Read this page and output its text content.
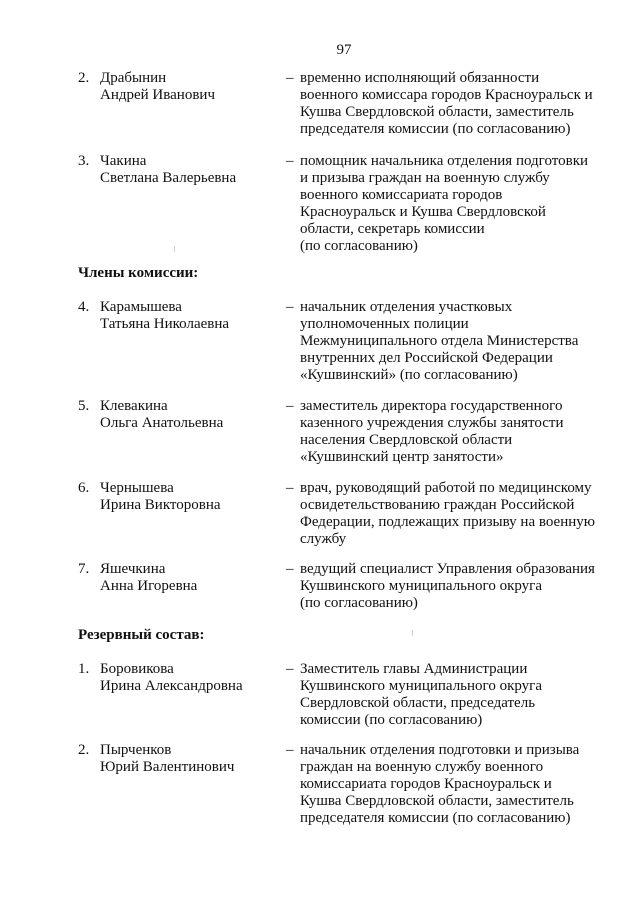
97
2. Драбынин
Андрей Иванович
– временно исполняющий обязанности
военного комиссара городов Красноуральск и
Кушва Свердловской области, заместитель
председателя комиссии (по согласованию)
3. Чакина
Светлана Валерьевна
– помощник начальника отделения подготовки
и призыва граждан на военную службу
военного комиссариата городов
Красноуральск и Кушва Свердловской
области, секретарь комиссии
(по согласованию)
Члены комиссии:
4. Карамышева
Татьяна Николаевна
– начальник отделения участковых
уполномоченных полиции
Межмуниципального отдела Министерства
внутренних дел Российской Федерации
«Кушвинский» (по согласованию)
5. Клевакина
Ольга Анатольевна
– заместитель директора государственного
казенного учреждения службы занятости
населения Свердловской области
«Кушвинский центр занятости»
6. Чернышева
Ирина Викторовна
– врач, руководящий работой по медицинскому
освидетельствованию граждан Российской
Федерации, подлежащих призыву на военную
службу
7. Яшечкина
Анна Игоревна
– ведущий специалист Управления образования
Кушвинского муниципального округа
(по согласованию)
Резервный состав:
1. Боровикова
Ирина Александровна
– Заместитель главы Администрации
Кушвинского муниципального округа
Свердловской области, председатель
комиссии (по согласованию)
2. Пырченков
Юрий Валентинович
– начальник отделения подготовки и призыва
граждан на военную службу военного
комиссариата городов Красноуральск и
Кушва Свердловской области, заместитель
председателя комиссии (по согласованию)
